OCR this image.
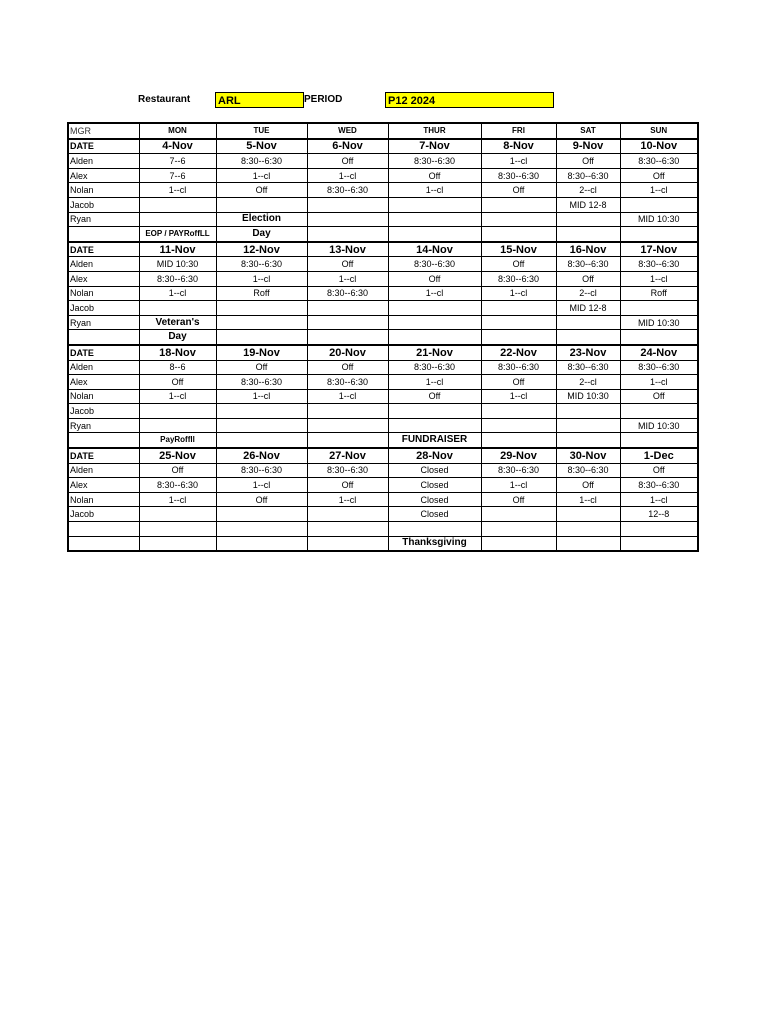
Restaurant	ARL	PERIOD	P12 2024
MGR	MON	TUE	WED	THUR	FRI	SAT	SUN
DATE	4-Nov	5-Nov	6-Nov	7-Nov	8-Nov	9-Nov	10-Nov
Alden	7--6	8:30--6:30	Off	8:30--6:30	1--cl	Off	8:30--6:30
Alex	7--6	1--cl	1--cl	Off	8:30--6:30	8:30--6:30	Off
Nolan	1--cl	Off	8:30--6:30	1--cl	Off	2--cl	1--cl
Jacob						MID 12-8	
Ryan		Election					MID 10:30
	EOP / PAYRoffLL	Day					
DATE	11-Nov	12-Nov	13-Nov	14-Nov	15-Nov	16-Nov	17-Nov
Alden	MID 10:30	8:30--6:30	Off	8:30--6:30	Off	8:30--6:30	8:30--6:30
Alex	8:30--6:30	1--cl	1--cl	Off	8:30--6:30	Off	1--cl
Nolan	1--cl	Roff	8:30--6:30	1--cl	1--cl	2--cl	Roff
Jacob						MID 12-8	
Ryan	Veteran's						MID 10:30
	Day						
DATE	18-Nov	19-Nov	20-Nov	21-Nov	22-Nov	23-Nov	24-Nov
Alden	8--6	Off	Off	8:30--6:30	8:30--6:30	8:30--6:30	8:30--6:30
Alex	Off	8:30--6:30	8:30--6:30	1--cl	Off	2--cl	1--cl
Nolan	1--cl	1--cl	1--cl	Off	1--cl	MID 10:30	Off
Jacob							
Ryan							MID 10:30
	PayRoffll			FUNDRAISER			
DATE	25-Nov	26-Nov	27-Nov	28-Nov	29-Nov	30-Nov	1-Dec
Alden	Off	8:30--6:30	8:30--6:30	Closed	8:30--6:30	8:30--6:30	Off
Alex	8:30--6:30	1--cl	Off	Closed	1--cl	Off	8:30--6:30
Nolan	1--cl	Off	1--cl	Closed	Off	1--cl	1--cl
Jacob				Closed			12--8

				Thanksgiving			
